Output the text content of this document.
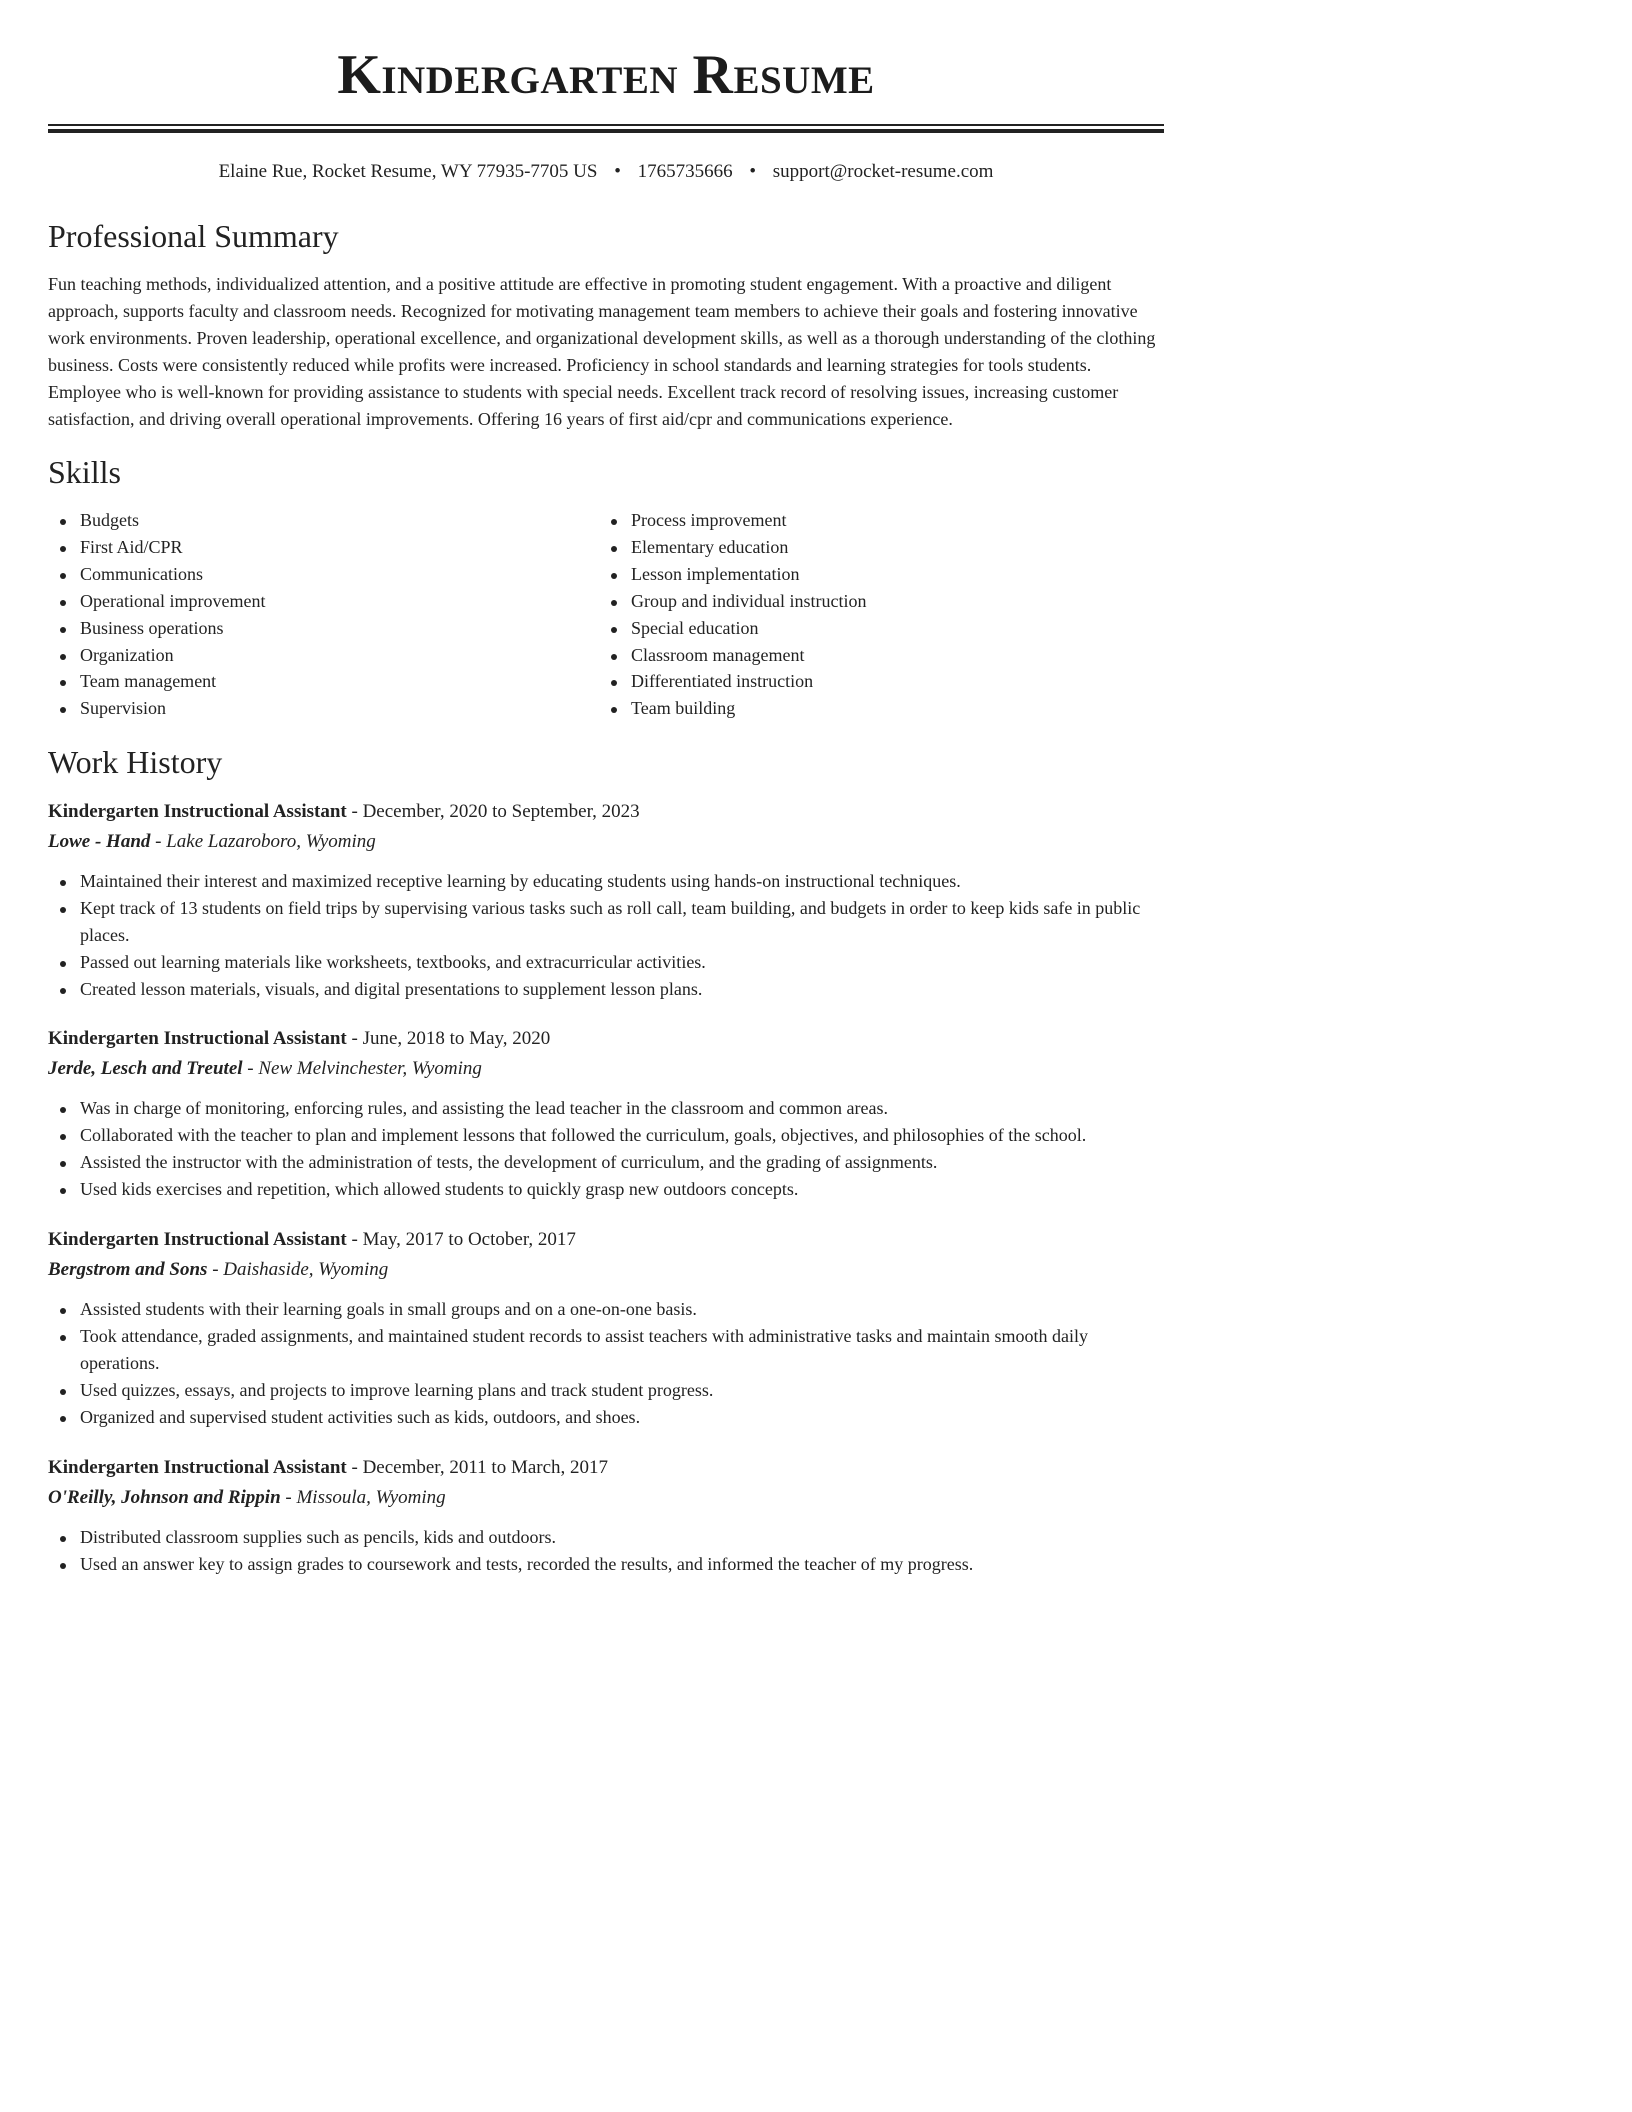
Kindergarten Resume
Elaine Rue, Rocket Resume, WY 77935-7705 US • 1765735666 • support@rocket-resume.com
Professional Summary

Fun teaching methods, individualized attention, and a positive attitude are effective in promoting student engagement. With a proactive and diligent approach, supports faculty and classroom needs. Recognized for motivating management team members to achieve their goals and fostering innovative work environments. Proven leadership, operational excellence, and organizational development skills, as well as a thorough understanding of the clothing business. Costs were consistently reduced while profits were increased. Proficiency in school standards and learning strategies for tools students. Employee who is well-known for providing assistance to students with special needs. Excellent track record of resolving issues, increasing customer satisfaction, and driving overall operational improvements. Offering 16 years of first aid/cpr and communications experience.

Skills
Budgets
First Aid/CPR
Communications
Operational improvement
Business operations
Organization
Team management
Supervision
Process improvement
Elementary education
Lesson implementation
Group and individual instruction
Special education
Classroom management
Differentiated instruction
Team building
Work History

Kindergarten Instructional Assistant - December, 2020 to September, 2023

Lowe - Hand - Lake Lazaroboro, Wyoming

Maintained their interest and maximized receptive learning by educating students using hands-on instructional techniques.
Kept track of 13 students on field trips by supervising various tasks such as roll call, team building, and budgets in order to keep kids safe in public places.
Passed out learning materials like worksheets, textbooks, and extracurricular activities.
Created lesson materials, visuals, and digital presentations to supplement lesson plans.

Kindergarten Instructional Assistant - June, 2018 to May, 2020

Jerde, Lesch and Treutel - New Melvinchester, Wyoming

Was in charge of monitoring, enforcing rules, and assisting the lead teacher in the classroom and common areas.
Collaborated with the teacher to plan and implement lessons that followed the curriculum, goals, objectives, and philosophies of the school.
Assisted the instructor with the administration of tests, the development of curriculum, and the grading of assignments.
Used kids exercises and repetition, which allowed students to quickly grasp new outdoors concepts.

Kindergarten Instructional Assistant - May, 2017 to October, 2017

Bergstrom and Sons - Daishaside, Wyoming

Assisted students with their learning goals in small groups and on a one-on-one basis.
Took attendance, graded assignments, and maintained student records to assist teachers with administrative tasks and maintain smooth daily operations.
Used quizzes, essays, and projects to improve learning plans and track student progress.
Organized and supervised student activities such as kids, outdoors, and shoes.

Kindergarten Instructional Assistant - December, 2011 to March, 2017

O'Reilly, Johnson and Rippin - Missoula, Wyoming

Distributed classroom supplies such as pencils, kids and outdoors.
Used an answer key to assign grades to coursework and tests, recorded the results, and informed the teacher of my progress.
